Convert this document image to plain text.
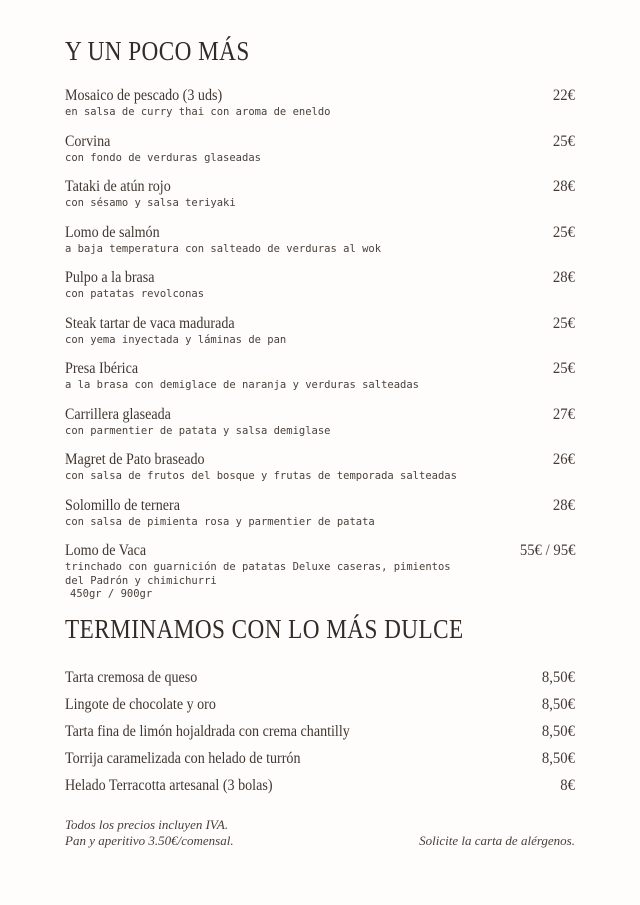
Y UN POCO MÁS
Mosaico de pescado (3 uds)
en salsa de curry thai con aroma de eneldo
22€
Corvina
con fondo de verduras glaseadas
25€
Tataki de atún rojo
con sésamo y salsa teriyaki
28€
Lomo de salmón
a baja temperatura con salteado de verduras al wok
25€
Pulpo a la brasa
con patatas revolconas
28€
Steak tartar de vaca madurada
con yema inyectada y láminas de pan
25€
Presa Ibérica
a la brasa con demiglace de naranja y verduras salteadas
25€
Carrillera glaseada
con parmentier de patata y salsa demiglase
27€
Magret de Pato braseado
con salsa de frutos del bosque y frutas de temporada salteadas
26€
Solomillo de ternera
con salsa de pimienta rosa y parmentier de patata
28€
Lomo de Vaca
trinchado con guarnición de patatas Deluxe caseras, pimientos del Padrón y chimichurri
450gr / 900gr
55€ / 95€
TERMINAMOS CON LO MÁS DULCE
Tarta cremosa de queso	8,50€
Lingote de chocolate y oro	8,50€
Tarta fina de limón hojaldrada con crema chantilly	8,50€
Torrija caramelizada con helado de turrón	8,50€
Helado Terracotta artesanal (3 bolas)	8€
Todos los precios incluyen IVA.
Pan y aperitivo 3.50€/comensal.	Solicite la carta de alérgenos.
